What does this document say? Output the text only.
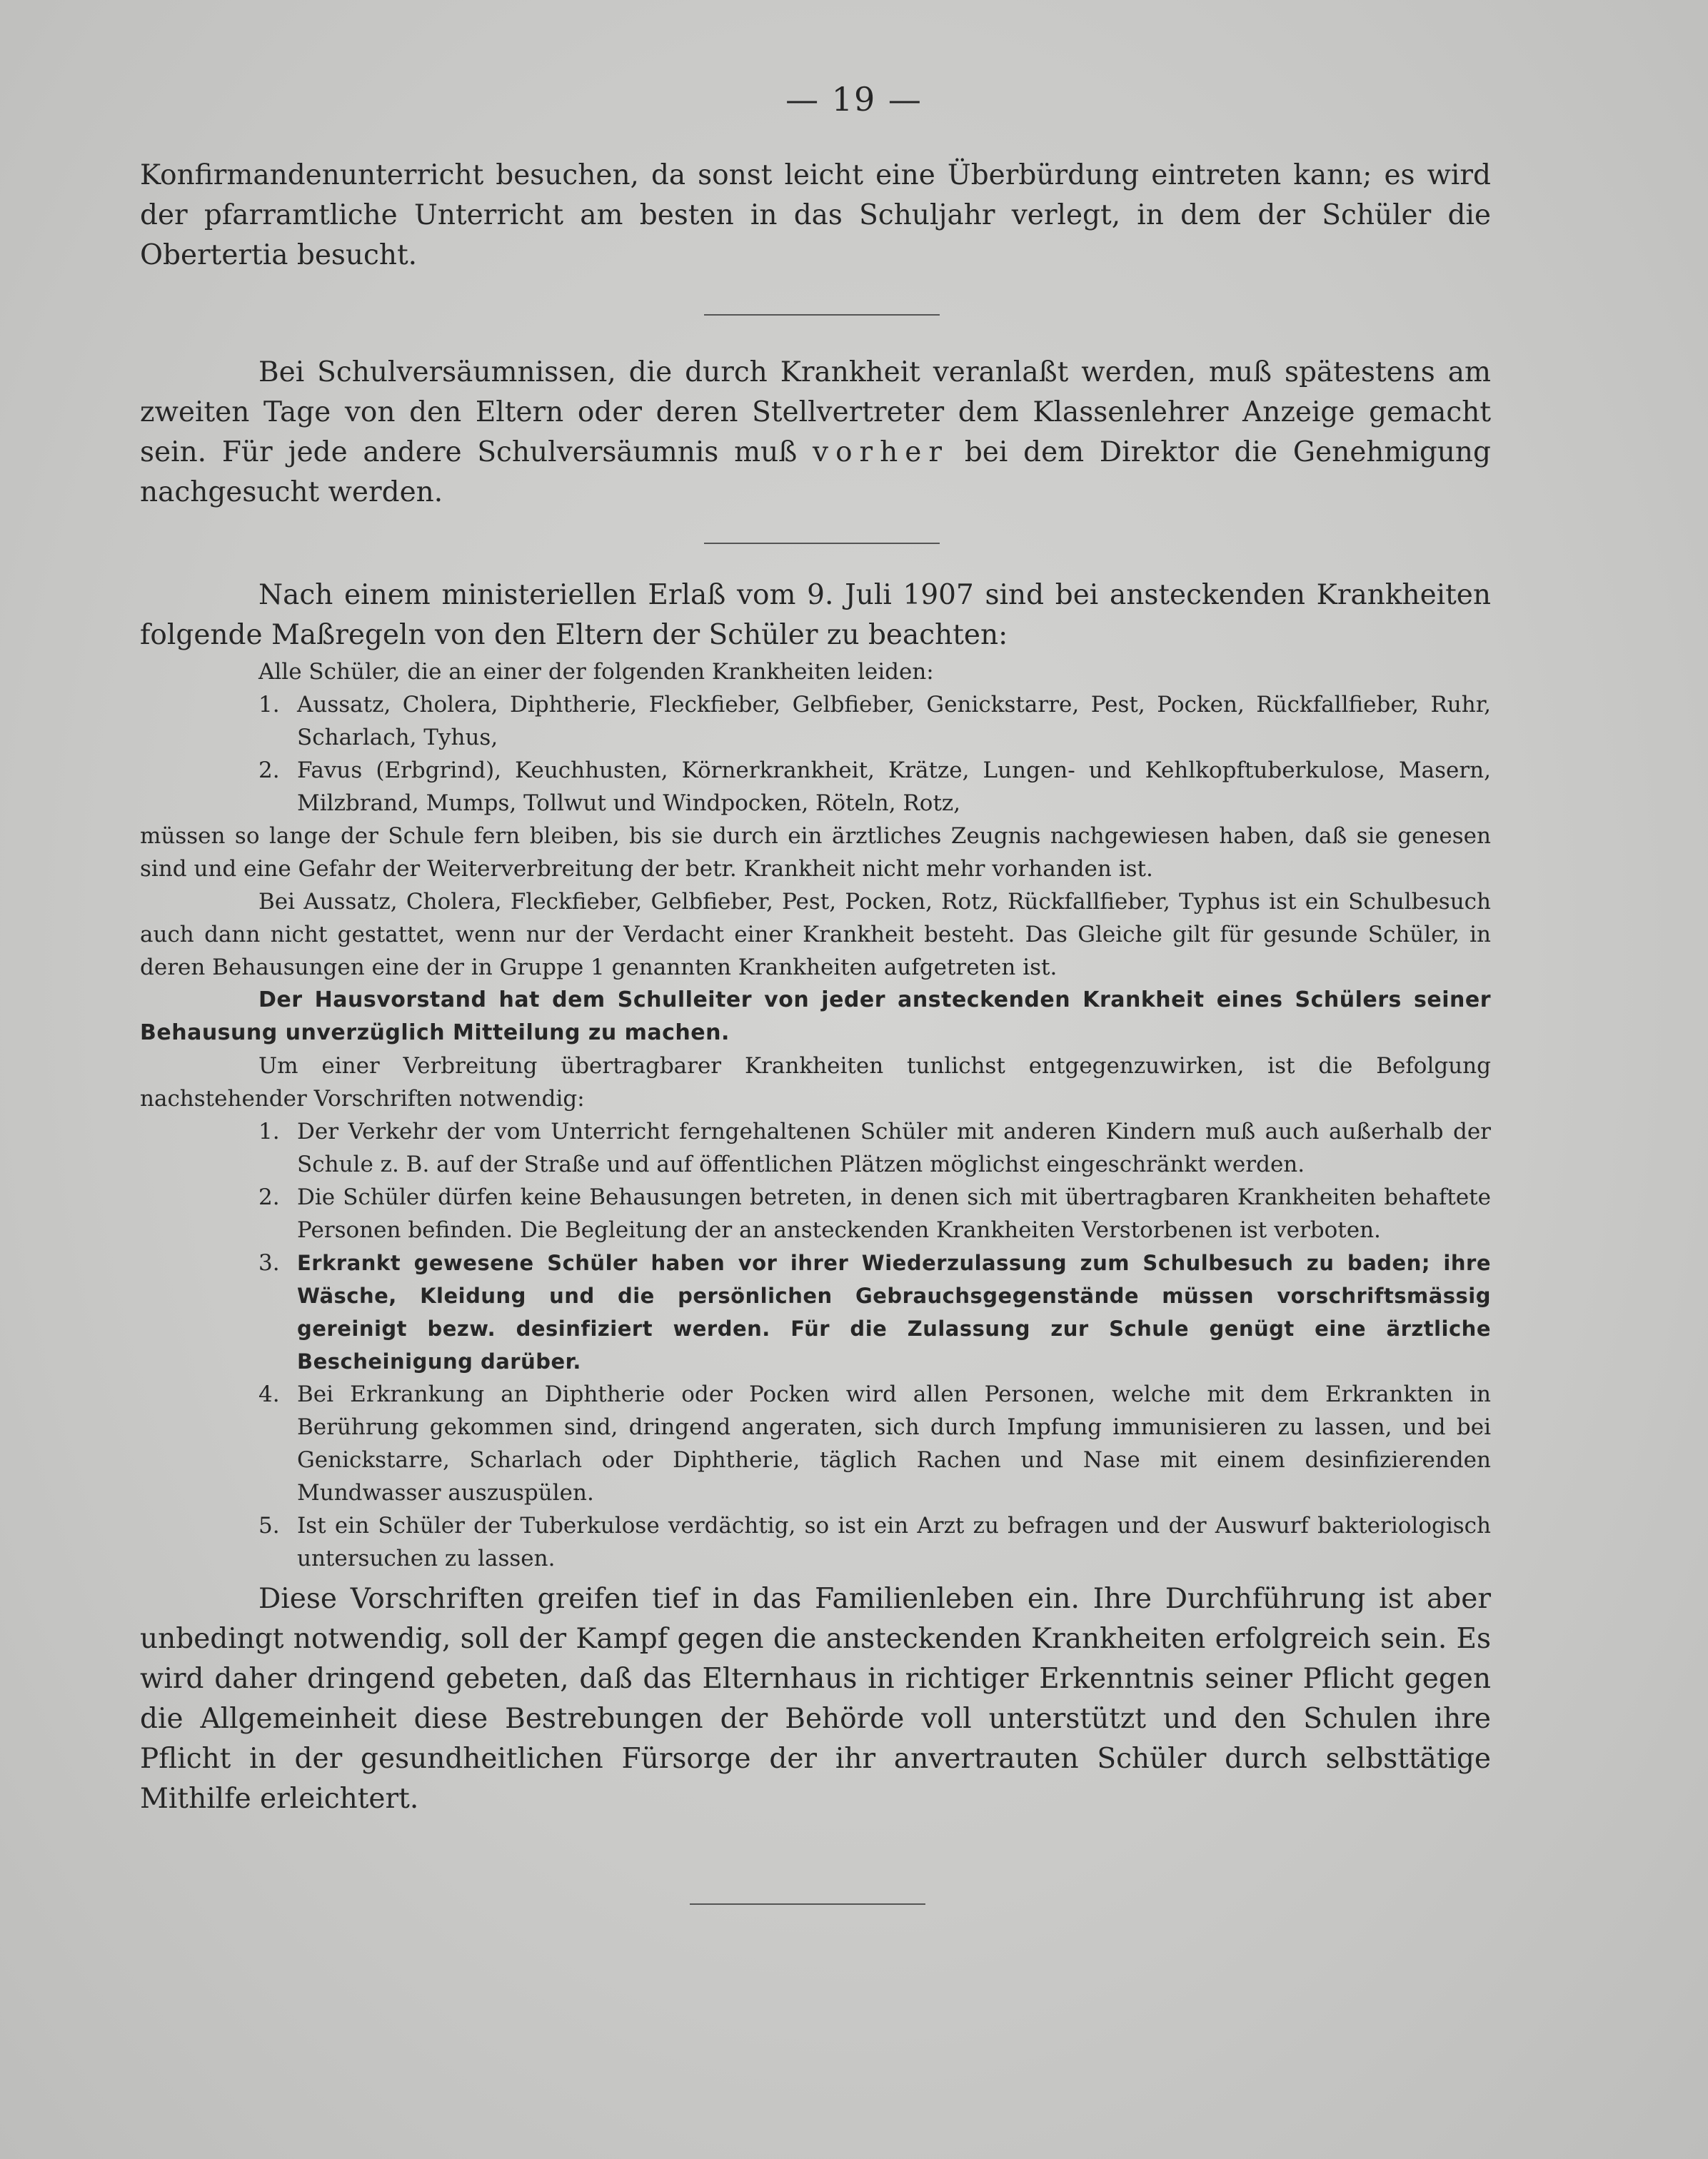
— 19 —

Konfirmandenunterricht besuchen, da sonst leicht eine Überbürdung eintreten kann; es wird der pfarramtliche Unterricht am besten in das Schuljahr verlegt, in dem der Schüler die Obertertia besucht.

Bei Schulversäumnissen, die durch Krankheit veranlaßt werden, muß spätestens am zweiten Tage von den Eltern oder deren Stellvertreter dem Klassenlehrer Anzeige gemacht sein. Für jede andere Schulversäumnis muß vorher bei dem Direktor die Genehmigung nachgesucht werden.

Nach einem ministeriellen Erlaß vom 9. Juli 1907 sind bei ansteckenden Krankheiten folgende Maßregeln von den Eltern der Schüler zu beachten:

Alle Schüler, die an einer der folgenden Krankheiten leiden:

1. Aussatz, Cholera, Diphtherie, Fleckfieber, Gelbfieber, Genickstarre, Pest, Pocken, Rückfallfieber, Ruhr, Scharlach, Tyhus,
2. Favus (Erbgrind), Keuchhusten, Körnerkrankheit, Krätze, Lungen- und Kehlkopftuberkulose, Masern, Milzbrand, Mumps, Tollwut und Windpocken, Röteln, Rotz,

müssen so lange der Schule fern bleiben, bis sie durch ein ärztliches Zeugnis nachgewiesen haben, daß sie genesen sind und eine Gefahr der Weiterverbreitung der betr. Krankheit nicht mehr vorhanden ist.

Bei Aussatz, Cholera, Fleckfieber, Gelbfieber, Pest, Pocken, Rotz, Rückfallfieber, Typhus ist ein Schulbesuch auch dann nicht gestattet, wenn nur der Verdacht einer Krankheit besteht. Das Gleiche gilt für gesunde Schüler, in deren Behausungen eine der in Gruppe 1 genannten Krankheiten aufgetreten ist.

Der Hausvorstand hat dem Schulleiter von jeder ansteckenden Krankheit eines Schülers seiner Behausung unverzüglich Mitteilung zu machen.

Um einer Verbreitung übertragbarer Krankheiten tunlichst entgegenzuwirken, ist die Befolgung nachstehender Vorschriften notwendig:

1. Der Verkehr der vom Unterricht ferngehaltenen Schüler mit anderen Kindern muß auch außerhalb der Schule z. B. auf der Straße und auf öffentlichen Plätzen möglichst eingeschränkt werden.
2. Die Schüler dürfen keine Behausungen betreten, in denen sich mit übertragbaren Krankheiten behaftete Personen befinden. Die Begleitung der an ansteckenden Krankheiten Verstorbenen ist verboten.
3. Erkrankt gewesene Schüler haben vor ihrer Wiederzulassung zum Schulbesuch zu baden; ihre Wäsche, Kleidung und die persönlichen Gebrauchsgegenstände müssen vorschriftsmässig gereinigt bezw. desinfiziert werden. Für die Zulassung zur Schule genügt eine ärztliche Bescheinigung darüber.
4. Bei Erkrankung an Diphtherie oder Pocken wird allen Personen, welche mit dem Erkrankten in Berührung gekommen sind, dringend angeraten, sich durch Impfung immunisieren zu lassen, und bei Genickstarre, Scharlach oder Diphtherie, täglich Rachen und Nase mit einem desinfizierenden Mundwasser auszuspülen.
5. Ist ein Schüler der Tuberkulose verdächtig, so ist ein Arzt zu befragen und der Auswurf bakteriologisch untersuchen zu lassen.

Diese Vorschriften greifen tief in das Familienleben ein. Ihre Durchführung ist aber unbedingt notwendig, soll der Kampf gegen die ansteckenden Krankheiten erfolgreich sein. Es wird daher dringend gebeten, daß das Elternhaus in richtiger Erkenntnis seiner Pflicht gegen die Allgemeinheit diese Bestrebungen der Behörde voll unterstützt und den Schulen ihre Pflicht in der gesundheitlichen Fürsorge der ihr anvertrauten Schüler durch selbsttätige Mithilfe erleichtert.
